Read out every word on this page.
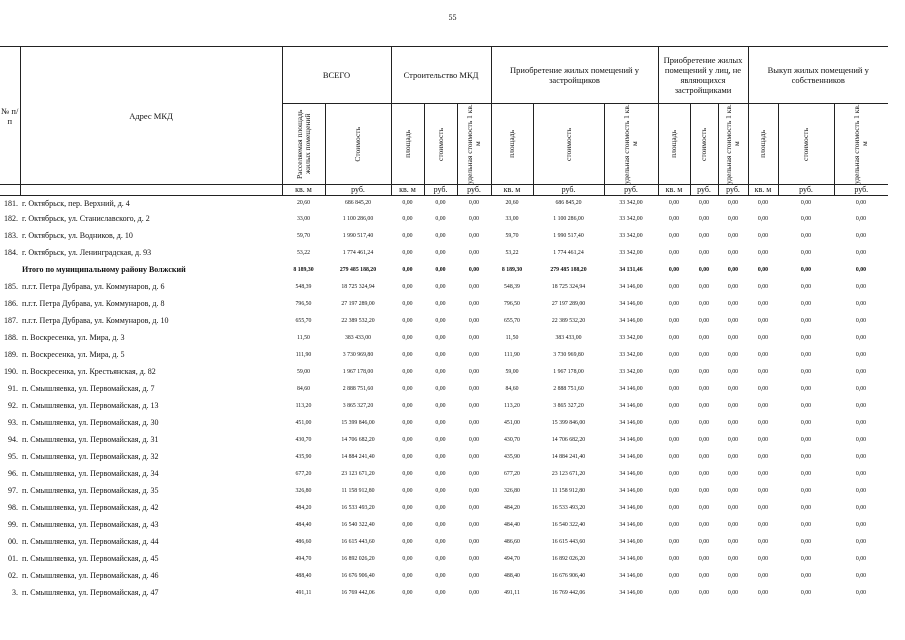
55
№ п/п	Адрес МКД	ВСЕГО		Строительство МКД			Приобретение жилых помещений у застройщиков			Приобретение жилых помещений у лиц, не являющихся застройщиками			Выкуп жилых помещений у собственников		

		Расселяемая площадь жилых помещений	Стоимость	площадь	стоимость	удельная стоимость 1 кв. м	площадь	стоимость	удельная стоимость 1 кв. м	площадь	стоимость	удельная стоимость 1 кв. м	площадь	стоимость	удельная стоимость 1 кв. м

		кв. м	руб.	кв. м	руб.	руб.	кв. м	руб.	руб.	кв. м	руб.	руб.	кв. м	руб.	руб.
181.	г. Октябрьск, пер. Верхний, д. 4	20,60	686 845,20	0,00	0,00	0,00	20,60	686 845,20	33 342,00	0,00	0,00	0,00	0,00	0,00	0,00
182.	г. Октябрьск, ул. Станиславского, д. 2	33,00	1 100 286,00	0,00	0,00	0,00	33,00	1 100 286,00	33 342,00	0,00	0,00	0,00	0,00	0,00	0,00
183.	г. Октябрьск, ул. Водников, д. 10	59,70	1 990 517,40	0,00	0,00	0,00	59,70	1 990 517,40	33 342,00	0,00	0,00	0,00	0,00	0,00	0,00
184.	г. Октябрьск, ул. Ленинградская, д. 93	53,22	1 774 461,24	0,00	0,00	0,00	53,22	1 774 461,24	33 342,00	0,00	0,00	0,00	0,00	0,00	0,00
	Итого по муниципальному району Волжский	8 189,30	279 485 188,20	0,00	0,00	0,00	8 189,30	279 485 188,20	34 131,46	0,00	0,00	0,00	0,00	0,00	0,00
185.	п.г.т. Петра Дубрава, ул. Коммунаров, д. 6	548,39	18 725 324,94	0,00	0,00	0,00	548,39	18 725 324,94	34 146,00	0,00	0,00	0,00	0,00	0,00	0,00
186.	п.г.т. Петра Дубрава, ул. Коммунаров, д. 8	796,50	27 197 289,00	0,00	0,00	0,00	796,50	27 197 289,00	34 146,00	0,00	0,00	0,00	0,00	0,00	0,00
187.	п.г.т. Петра Дубрава, ул. Коммунаров, д. 10	655,70	22 389 532,20	0,00	0,00	0,00	655,70	22 389 532,20	34 146,00	0,00	0,00	0,00	0,00	0,00	0,00
188.	п. Воскресенка, ул. Мира, д. 3	11,50	383 433,00	0,00	0,00	0,00	11,50	383 433,00	33 342,00	0,00	0,00	0,00	0,00	0,00	0,00
189.	п. Воскресенка, ул. Мира, д. 5	111,90	3 730 969,80	0,00	0,00	0,00	111,90	3 730 969,80	33 342,00	0,00	0,00	0,00	0,00	0,00	0,00
190.	п. Воскресенка, ул. Крестьянская, д. 82	59,00	1 967 178,00	0,00	0,00	0,00	59,00	1 967 178,00	33 342,00	0,00	0,00	0,00	0,00	0,00	0,00
91.	п. Смышляевка, ул. Первомайская, д. 7	84,60	2 888 751,60	0,00	0,00	0,00	84,60	2 888 751,60	34 146,00	0,00	0,00	0,00	0,00	0,00	0,00
92.	п. Смышляевка, ул. Первомайская, д. 13	113,20	3 865 327,20	0,00	0,00	0,00	113,20	3 865 327,20	34 146,00	0,00	0,00	0,00	0,00	0,00	0,00
93.	п. Смышляевка, ул. Первомайская, д. 30	451,00	15 399 846,00	0,00	0,00	0,00	451,00	15 399 846,00	34 146,00	0,00	0,00	0,00	0,00	0,00	0,00
94.	п. Смышляевка, ул. Первомайская, д. 31	430,70	14 706 682,20	0,00	0,00	0,00	430,70	14 706 682,20	34 146,00	0,00	0,00	0,00	0,00	0,00	0,00
95.	п. Смышляевка, ул. Первомайская, д. 32	435,90	14 884 241,40	0,00	0,00	0,00	435,90	14 884 241,40	34 146,00	0,00	0,00	0,00	0,00	0,00	0,00
96.	п. Смышляевка, ул. Первомайская, д. 34	677,20	23 123 671,20	0,00	0,00	0,00	677,20	23 123 671,20	34 146,00	0,00	0,00	0,00	0,00	0,00	0,00
97.	п. Смышляевка, ул. Первомайская, д. 35	326,80	11 158 912,80	0,00	0,00	0,00	326,80	11 158 912,80	34 146,00	0,00	0,00	0,00	0,00	0,00	0,00
98.	п. Смышляевка, ул. Первомайская, д. 42	484,20	16 533 493,20	0,00	0,00	0,00	484,20	16 533 493,20	34 146,00	0,00	0,00	0,00	0,00	0,00	0,00
99.	п. Смышляевка, ул. Первомайская, д. 43	484,40	16 540 322,40	0,00	0,00	0,00	484,40	16 540 322,40	34 146,00	0,00	0,00	0,00	0,00	0,00	0,00
00.	п. Смышляевка, ул. Первомайская, д. 44	486,60	16 615 443,60	0,00	0,00	0,00	486,60	16 615 443,60	34 146,00	0,00	0,00	0,00	0,00	0,00	0,00
01.	п. Смышляевка, ул. Первомайская, д. 45	494,70	16 892 026,20	0,00	0,00	0,00	494,70	16 892 026,20	34 146,00	0,00	0,00	0,00	0,00	0,00	0,00
02.	п. Смышляевка, ул. Первомайская, д. 46	488,40	16 676 906,40	0,00	0,00	0,00	488,40	16 676 906,40	34 146,00	0,00	0,00	0,00	0,00	0,00	0,00
3.	п. Смышляевка, ул. Первомайская, д. 47	491,11	16 769 442,06	0,00	0,00	0,00	491,11	16 769 442,06	34 146,00	0,00	0,00	0,00	0,00	0,00	0,00
